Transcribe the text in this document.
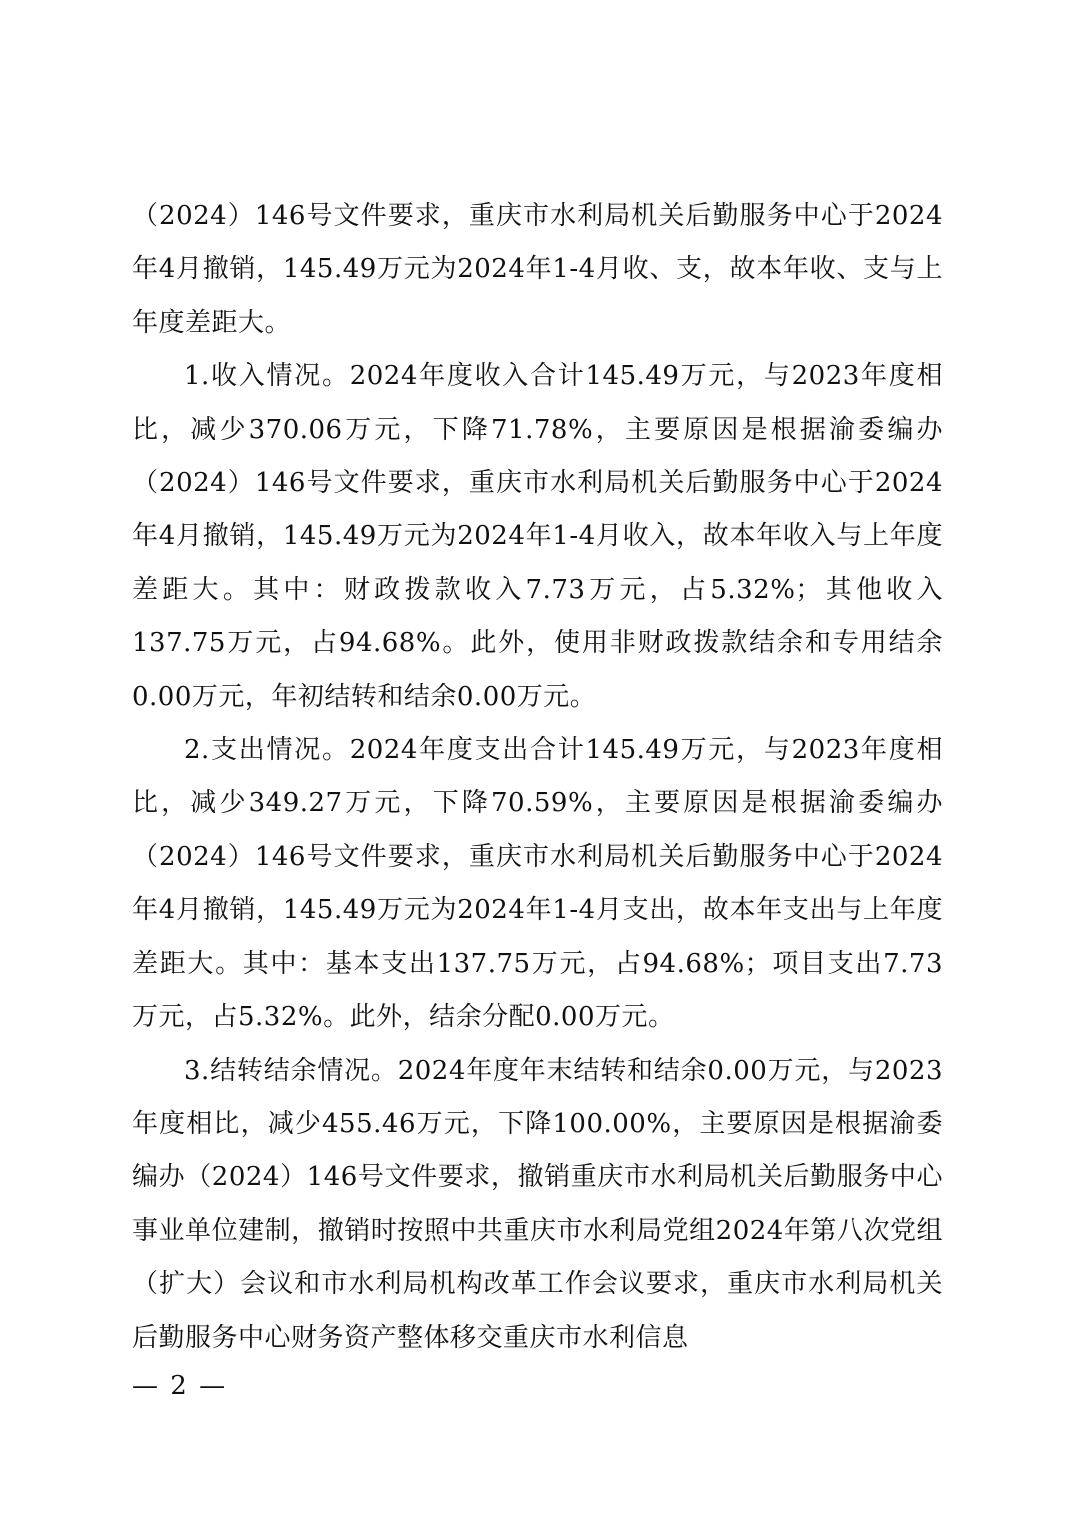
（2024）146号文件要求，重庆市水利局机关后勤服务中心于2024年4月撤销，145.49万元为2024年1-4月收、支，故本年收、支与上年度差距大。

1.收入情况。2024年度收入合计145.49万元，与2023年度相比，减少370.06万元，下降71.78%，主要原因是根据渝委编办（2024）146号文件要求，重庆市水利局机关后勤服务中心于2024年4月撤销，145.49万元为2024年1-4月收入，故本年收入与上年度差距大。其中：财政拨款收入7.73万元，占5.32%；其他收入137.75万元，占94.68%。此外，使用非财政拨款结余和专用结余0.00万元，年初结转和结余0.00万元。

2.支出情况。2024年度支出合计145.49万元，与2023年度相比，减少349.27万元，下降70.59%，主要原因是根据渝委编办（2024）146号文件要求，重庆市水利局机关后勤服务中心于2024年4月撤销，145.49万元为2024年1-4月支出，故本年支出与上年度差距大。其中：基本支出137.75万元，占94.68%；项目支出7.73万元，占5.32%。此外，结余分配0.00万元。

3.结转结余情况。2024年度年末结转和结余0.00万元，与2023年度相比，减少455.46万元，下降100.00%，主要原因是根据渝委编办（2024）146号文件要求，撤销重庆市水利局机关后勤服务中心事业单位建制，撤销时按照中共重庆市水利局党组2024年第八次党组（扩大）会议和市水利局机构改革工作会议要求，重庆市水利局机关后勤服务中心财务资产整体移交重庆市水利信息

— 2 —
